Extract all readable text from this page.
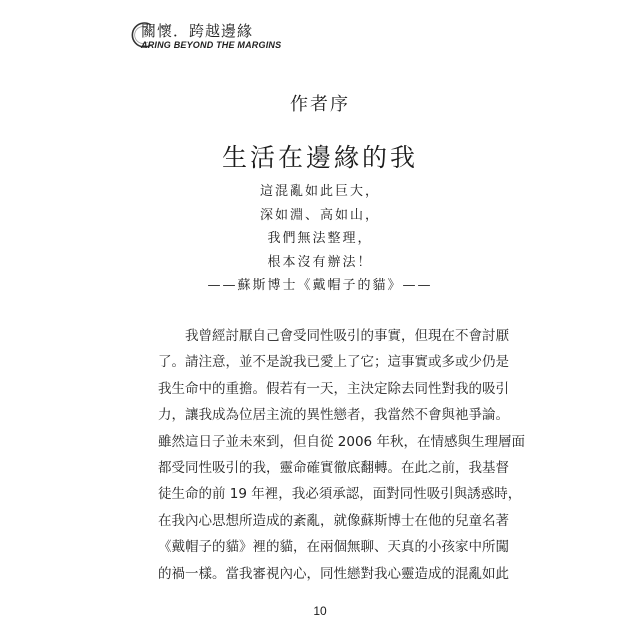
關懷．跨越邊緣
ARING BEYOND THE MARGINS
作者序
生活在邊緣的我
這混亂如此巨大，
深如淵、高如山，
我們無法整理，
根本沒有辦法！
——蘇斯博士《戴帽子的貓》——
我曾經討厭自己會受同性吸引的事實，但現在不會討厭
了。請注意，並不是說我已愛上了它；這事實或多或少仍是
我生命中的重擔。假若有一天，主決定除去同性對我的吸引
力，讓我成為位居主流的異性戀者，我當然不會與祂爭論。
雖然這日子並未來到，但自從 2006 年秋，在情感與生理層面
都受同性吸引的我，靈命確實徹底翻轉。在此之前，我基督
徒生命的前 19 年裡，我必須承認，面對同性吸引與誘惑時，
在我內心思想所造成的紊亂，就像蘇斯博士在他的兒童名著
《戴帽子的貓》裡的貓，在兩個無聊、天真的小孩家中所闖
的禍一樣。當我審視內心，同性戀對我心靈造成的混亂如此
10
